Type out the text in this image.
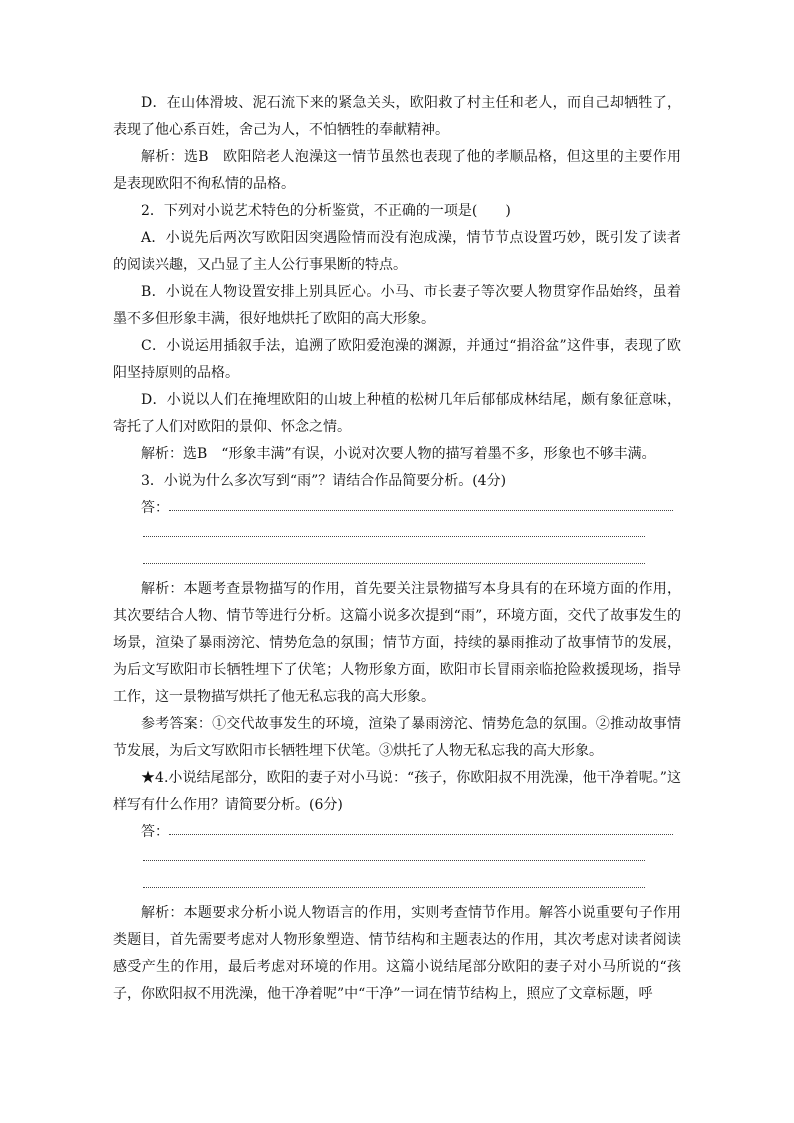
D．在山体滑坡、泥石流下来的紧急关头，欧阳救了村主任和老人，而自己却牺牲了，表现了他心系百姓，舍己为人，不怕牺牲的奉献精神。

解析：选B　欧阳陪老人泡澡这一情节虽然也表现了他的孝顺品格，但这里的主要作用是表现欧阳不徇私情的品格。

2．下列对小说艺术特色的分析鉴赏，不正确的一项是(　　)

A．小说先后两次写欧阳因突遇险情而没有泡成澡，情节节点设置巧妙，既引发了读者的阅读兴趣，又凸显了主人公行事果断的特点。

B．小说在人物设置安排上别具匠心。小马、市长妻子等次要人物贯穿作品始终，虽着墨不多但形象丰满，很好地烘托了欧阳的高大形象。

C．小说运用插叙手法，追溯了欧阳爱泡澡的渊源，并通过“捐浴盆”这件事，表现了欧阳坚持原则的品格。

D．小说以人们在掩埋欧阳的山坡上种植的松树几年后郁郁成林结尾，颇有象征意味，寄托了人们对欧阳的景仰、怀念之情。

解析：选B　“形象丰满”有误，小说对次要人物的描写着墨不多，形象也不够丰满。

3．小说为什么多次写到“雨”？请结合作品简要分析。(4分)

答：

解析：本题考查景物描写的作用，首先要关注景物描写本身具有的在环境方面的作用，其次要结合人物、情节等进行分析。这篇小说多次提到“雨”，环境方面，交代了故事发生的场景，渲染了暴雨滂沱、情势危急的氛围；情节方面，持续的暴雨推动了故事情节的发展，为后文写欧阳市长牺牲埋下了伏笔；人物形象方面，欧阳市长冒雨亲临抢险救援现场，指导工作，这一景物描写烘托了他无私忘我的高大形象。

参考答案：①交代故事发生的环境，渲染了暴雨滂沱、情势危急的氛围。②推动故事情节发展，为后文写欧阳市长牺牲埋下伏笔。③烘托了人物无私忘我的高大形象。

★4.小说结尾部分，欧阳的妻子对小马说：“孩子，你欧阳叔不用洗澡，他干净着呢。”这样写有什么作用？请简要分析。(6分)

答：

解析：本题要求分析小说人物语言的作用，实则考查情节作用。解答小说重要句子作用类题目，首先需要考虑对人物形象塑造、情节结构和主题表达的作用，其次考虑对读者阅读感受产生的作用，最后考虑对环境的作用。这篇小说结尾部分欧阳的妻子对小马所说的“孩子，你欧阳叔不用洗澡，他干净着呢”中“干净”一词在情节结构上，照应了文章标题，呼
